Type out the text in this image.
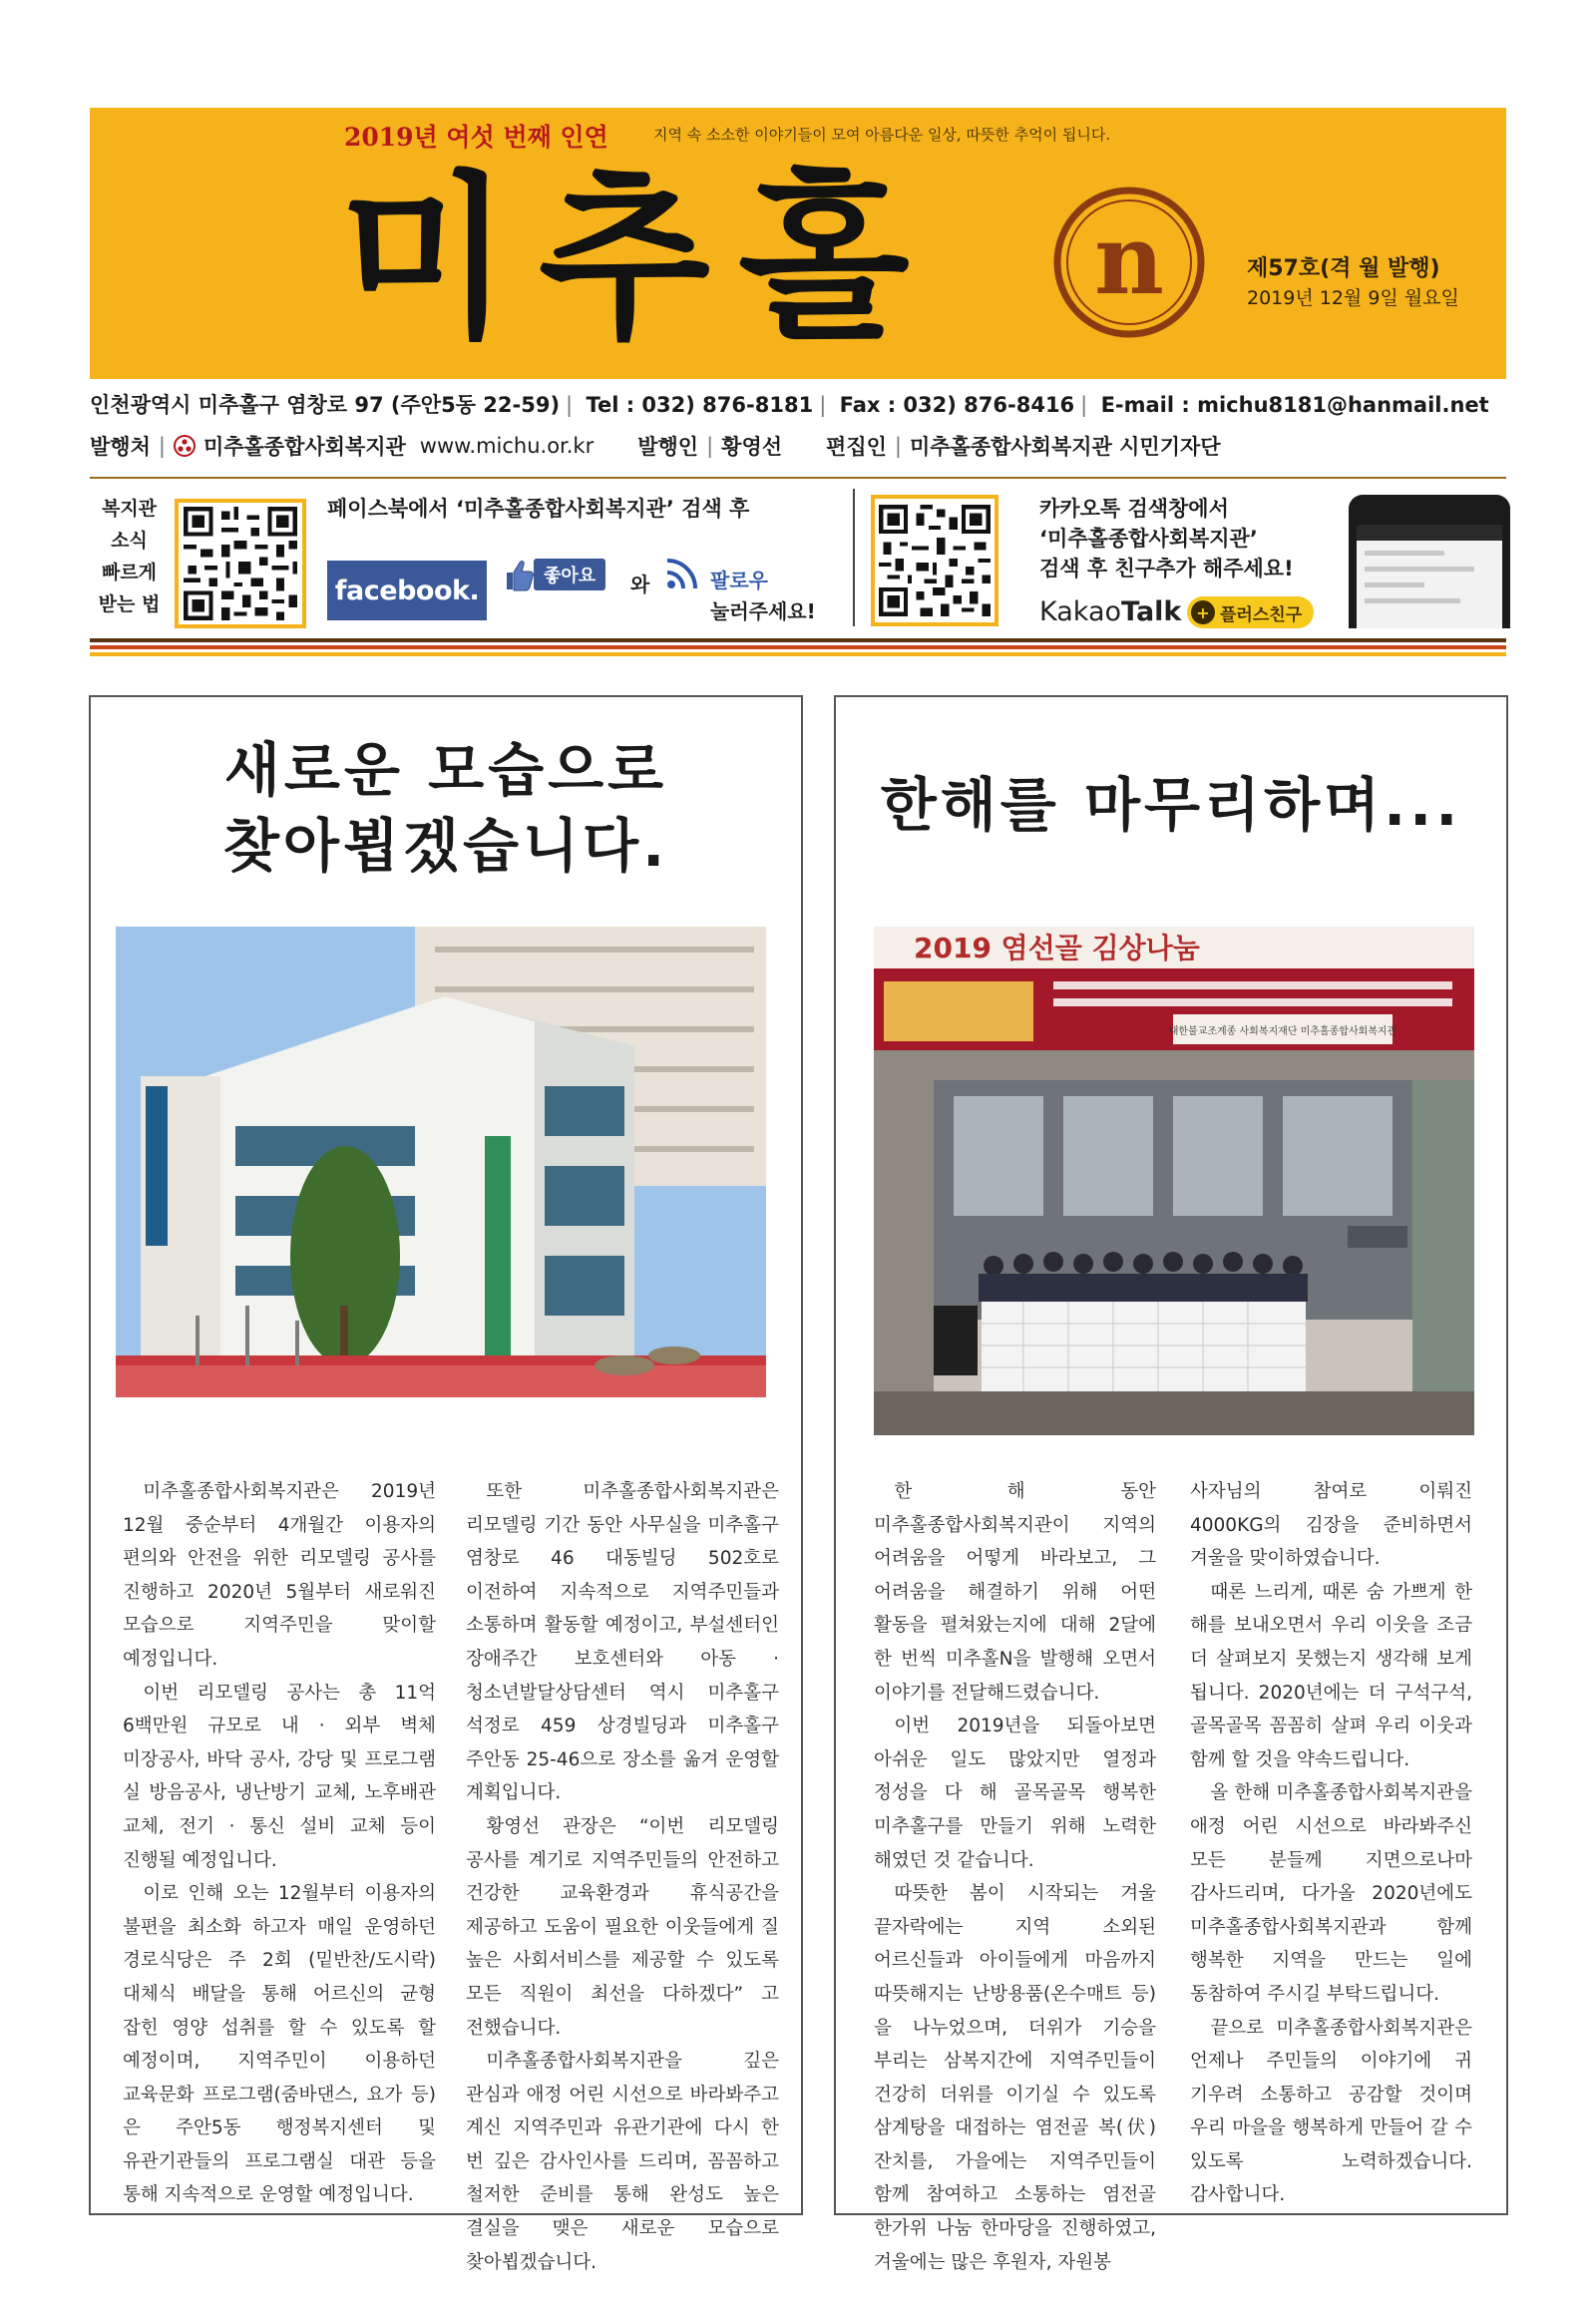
2019년 여섯 번째 인연	지역 속 소소한 이야기들이 모여 아름다운 일상, 따뜻한 추억이 됩니다.
미추홀 n	제57호(격 월 발행)
2019년 12월 9일 월요일
인천광역시 미추홀구 염창로 97 (주안5동 22-59) | Tel : 032) 876-8181 | Fax : 032) 876-8416 | E-mail : michu8181@hanmail.net
발행처 |	미추홀종합사회복지관 www.michu.or.kr 발행인 | 황영선 편집인 | 미추홀종합사회복지관 시민기자단
복지관
소식
빠르게
받는 법
페이스북에서 ‘미추홀종합사회복지관’ 검색 후
facebook.	좋아요	와	팔로우
눌러주세요!
카카오톡 검색창에서
‘미추홀종합사회복지관’
검색 후 친구추가 해주세요!
KakaoTalk + 플러스친구
새로운 모습으로
찾아뵙겠습니다.

미추홀종합사회복지관은 2019년 12월 중순부터 4개월간 이용자의 편의와 안전을 위한 리모델링 공사를 진행하고 2020년 5월부터 새로워진 모습으로 지역주민을 맞이할 예정입니다.

이번 리모델링 공사는 총 11억 6백만원 규모로 내 · 외부 벽체 미장공사, 바닥 공사, 강당 및 프로그램 실 방음공사, 냉난방기 교체, 노후배관 교체, 전기 · 통신 설비 교체 등이 진행될 예정입니다.

이로 인해 오는 12월부터 이용자의 불편을 최소화 하고자 매일 운영하던 경로식당은 주 2회 (밑반찬/도시락) 대체식 배달을 통해 어르신의 균형 잡힌 영양 섭취를 할 수 있도록 할 예정이며, 지역주민이 이용하던 교육문화 프로그램(줌바댄스, 요가 등)은 주안5동 행정복지센터 및 유관기관들의 프로그램실 대관 등을 통해 지속적으로 운영할 예정입니다.

또한 미추홀종합사회복지관은 리모델링 기간 동안 사무실을 미추홀구 염창로 46 대동빌딩 502호로 이전하여 지속적으로 지역주민들과 소통하며 활동할 예정이고, 부설센터인 장애주간 보호센터와 아동 · 청소년발달상담센터 역시 미추홀구 석정로 459 상경빌딩과 미추홀구 주안동 25-46으로 장소를 옮겨 운영할 계획입니다.

황영선 관장은 “이번 리모델링 공사를 계기로 지역주민들의 안전하고 건강한 교육환경과 휴식공간을 제공하고 도움이 필요한 이웃들에게 질 높은 사회서비스를 제공할 수 있도록 모든 직원이 최선을 다하겠다” 고 전했습니다.

미추홀종합사회복지관을 깊은 관심과 애정 어린 시선으로 바라봐주고 계신 지역주민과 유관기관에 다시 한 번 깊은 감사인사를 드리며, 꼼꼼하고 철저한 준비를 통해 완성도 높은 결실을 맺은 새로운 모습으로 찾아뵙겠습니다.

한해를 마무리하며...
2019 염선골 김상나눔
대한불교조계종 사회복지재단 미추홀종합사회복지관

한 해 동안 미추홀종합사회복지관이 지역의 어려움을 어떻게 바라보고, 그 어려움을 해결하기 위해 어떤 활동을 펼쳐왔는지에 대해 2달에 한 번씩 미추홀N을 발행해 오면서 이야기를 전달해드렸습니다.

이번 2019년을 되돌아보면 아쉬운 일도 많았지만 열정과 정성을 다 해 골목골목 행복한 미추홀구를 만들기 위해 노력한 해였던 것 같습니다.

따뜻한 봄이 시작되는 겨울 끝자락에는 지역 소외된 어르신들과 아이들에게 마음까지 따뜻해지는 난방용품(온수매트 등)을 나누었으며, 더위가 기승을 부리는 삼복지간에 지역주민들이 건강히 더위를 이기실 수 있도록 삼계탕을 대접하는 염전골 복(伏) 잔치를, 가을에는 지역주민들이 함께 참여하고 소통하는 염전골 한가위 나눔 한마당을 진행하였고, 겨울에는 많은 후원자, 자원봉

사자님의 참여로 이뤄진 4000KG의 김장을 준비하면서 겨울을 맞이하였습니다.

때론 느리게, 때론 숨 가쁘게 한 해를 보내오면서 우리 이웃을 조금 더 살펴보지 못했는지 생각해 보게 됩니다. 2020년에는 더 구석구석, 골목골목 꼼꼼히 살펴 우리 이웃과 함께 할 것을 약속드립니다.

올 한해 미추홀종합사회복지관을 애정 어린 시선으로 바라봐주신 모든 분들께 지면으로나마 감사드리며, 다가올 2020년에도 미추홀종합사회복지관과 함께 행복한 지역을 만드는 일에 동참하여 주시길 부탁드립니다.

끝으로 미추홀종합사회복지관은 언제나 주민들의 이야기에 귀 기우려 소통하고 공감할 것이며 우리 마을을 행복하게 만들어 갈 수 있도록 노력하겠습니다. 감사합니다.
